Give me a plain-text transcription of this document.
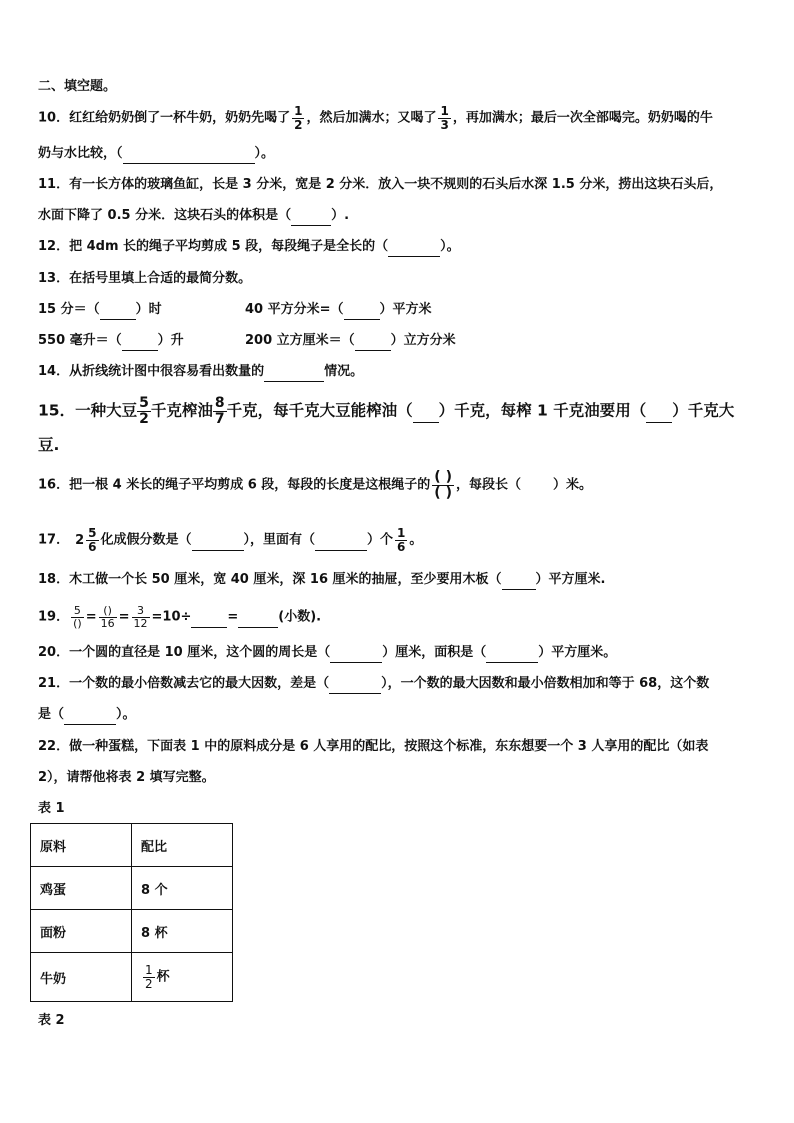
二、填空题。
10．红红给奶奶倒了一杯牛奶，奶奶先喝了 $\frac{1}{2}$ ，然后加满水；又喝了 $\frac{1}{3}$ ，再加满水；最后一次全部喝完。奶奶喝的牛
奶与水比较，（	）。
11．有一长方体的玻璃鱼缸，长是 3 分米，宽是 2 分米．放入一块不规则的石头后水深 1.5 分米，捞出这块石头后，
水面下降了 0.5 分米．这块石头的体积是（	）.
12．把 4dm 长的绳子平均剪成 5 段，每段绳子是全长的（	）。
13．在括号里填上合适的最简分数。
15 分＝（	）时	40 平方分米=（	）平方米
550 毫升＝（	）升	200 立方厘米＝（	）立方分米
14．从折线统计图中很容易看出数量的	情况。
15．一种大豆 $\frac{5}{2}$ 千克榨油 $\frac{8}{7}$ 千克，每千克大豆能榨油（ ）千克，每榨 1 千克油要用（ ）千克大
豆.
16．把一根 4 米长的绳子平均剪成 6 段，每段的长度是这根绳子的 $\frac{( )}{( )}$ ，每段长（ ）米。
17． $2 \frac{5}{6}$ 化成假分数是（	），里面有（	）个 $\frac{1}{6}$ 。
18．木工做一个长 50 厘米，宽 40 厘米，深 16 厘米的抽屉，至少要用木板（	）平方厘米.
19． $\frac{5}{()} = \frac{()}{16} = \frac{3}{12} =10\div$	=	(小数).
20．一个圆的直径是 10 厘米，这个圆的周长是（	）厘米，面积是（	）平方厘米。
21．一个数的最小倍数减去它的最大因数，差是（	），一个数的最大因数和最小倍数相加和等于 68，这个数
是（	）。
22．做一种蛋糕，下面表 1 中的原料成分是 6 人享用的配比，按照这个标准，东东想要一个 3 人享用的配比（如表
2），请帮他将表 2 填写完整。
表 1
原料	配比
鸡蛋	8 个
面粉	8 杯
牛奶	$\frac{1}{2}$ 杯
表 2
